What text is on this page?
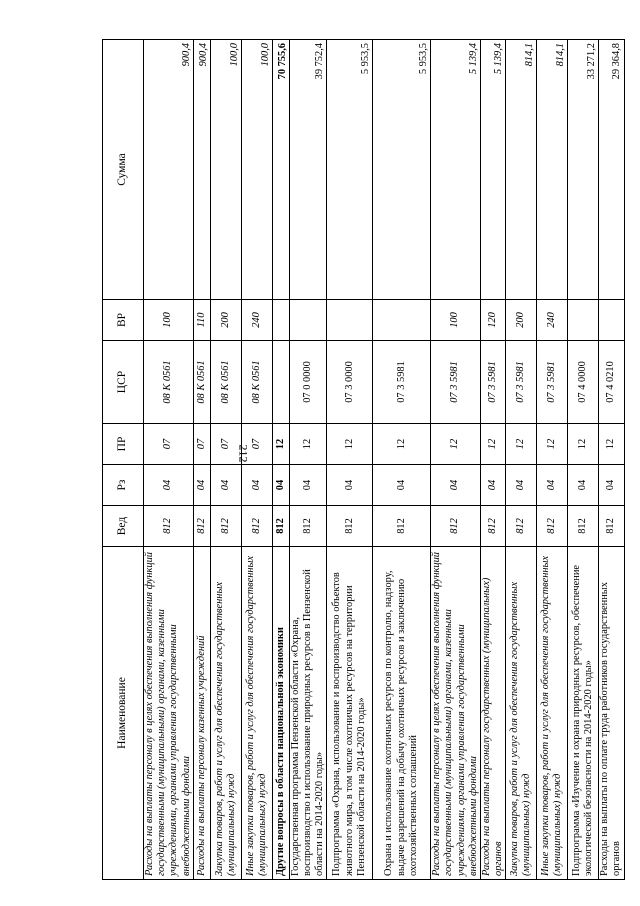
212
Наименование	Вед	Рз	ПР	ЦСР	ВР	Сумма
Расходы на выплаты персоналу в целях обеспечения выполнения функций государственными (муниципальными) органами, казенными учреждениями, органами управления государственными внебюджетными фондами	812	04	07	08 К 0561	100	900,4
Расходы на выплаты персоналу казенных учреждений	812	04	07	08 К 0561	110	900,4
Закупка товаров, работ и услуг для обеспечения государственных (муниципальных) нужд	812	04	07	08 К 0561	200	100,0
Иные закупки товаров, работ и услуг для обеспечения государственных (муниципальных) нужд	812	04	07	08 К 0561	240	100,0
Другие вопросы в области национальной экономики	812	04	12			70 755,6
Государственная программа Пензенской области «Охрана, воспроизводство и использование природных ресурсов в Пензенской области на 2014-2020 годы»	812	04	12	07 0 0000		39 752,4
Подпрограмма «Охрана, использование и воспроизводство объектов животного мира, в том числе охотничьих ресурсов на территории Пензенской области на 2014-2020 годы»	812	04	12	07 3 0000		5 953,5
Охрана и использование охотничьих ресурсов по контролю, надзору, выдаче разрешений на добычу охотничьих ресурсов и заключению охотхозяйственных соглашений	812	04	12	07 3 5981		5 953,5
Расходы на выплаты персоналу в целях обеспечения выполнения функций государственными (муниципальными) органами, казенными учреждениями, органами управления государственными внебюджетными фондами	812	04	12	07 3 5981	100	5 139,4
Расходы на выплаты персоналу государственных (муниципальных) органов	812	04	12	07 3 5981	120	5 139,4
Закупка товаров, работ и услуг для обеспечения государственных (муниципальных) нужд	812	04	12	07 3 5981	200	814,1
Иные закупки товаров, работ и услуг для обеспечения государственных (муниципальных) нужд	812	04	12	07 3 5981	240	814,1
Подпрограмма «Изучение и охрана природных ресурсов, обеспечение экологической безопасности на 2014-2020 годы»	812	04	12	07 4 0000		33 271,2
Расходы на выплаты по оплате труда работников государственных органов	812	04	12	07 4 0210		29 364,8
